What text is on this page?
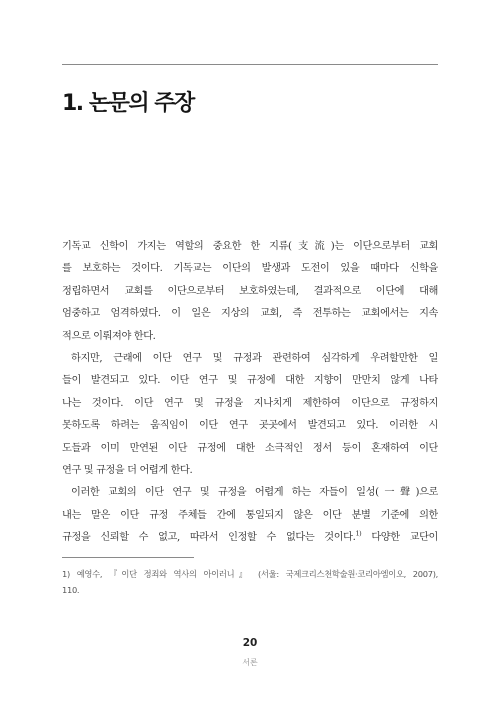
1. 논문의 주장
기독교 신학이 가지는 역할의 중요한 한 지류(支流)는 이단으로부터 교회
를 보호하는 것이다. 기독교는 이단의 발생과 도전이 있을 때마다 신학을
정립하면서 교회를 이단으로부터 보호하였는데, 결과적으로 이단에 대해
엄중하고 엄격하였다. 이 일은 지상의 교회, 즉 전투하는 교회에서는 지속
적으로 이뤄져야 한다.
하지만, 근래에 이단 연구 및 규정과 관련하여 심각하게 우려할만한 일
들이 발견되고 있다. 이단 연구 및 규정에 대한 지향이 만만치 않게 나타
나는 것이다. 이단 연구 및 규정을 지나치게 제한하여 이단으로 규정하지
못하도록 하려는 움직임이 이단 연구 곳곳에서 발견되고 있다. 이러한 시
도들과 이미 만연된 이단 규정에 대한 소극적인 정서 등이 혼재하여 이단
연구 및 규정을 더 어렵게 한다.
이러한 교회의 이단 연구 및 규정을 어렵게 하는 자들이 일성(一聲)으로
내는 말은 이단 규정 주체들 간에 통일되지 않은 이단 분별 기준에 의한
규정을 신뢰할 수 없고, 따라서 인정할 수 없다는 것이다.$^{1)}$ 다양한 교단이
1) 예영수, 『이단 정죄와 역사의 아이러니』 (서울: 국제크리스천학술원·코리아엠이오, 2007),
110.
20
서론
